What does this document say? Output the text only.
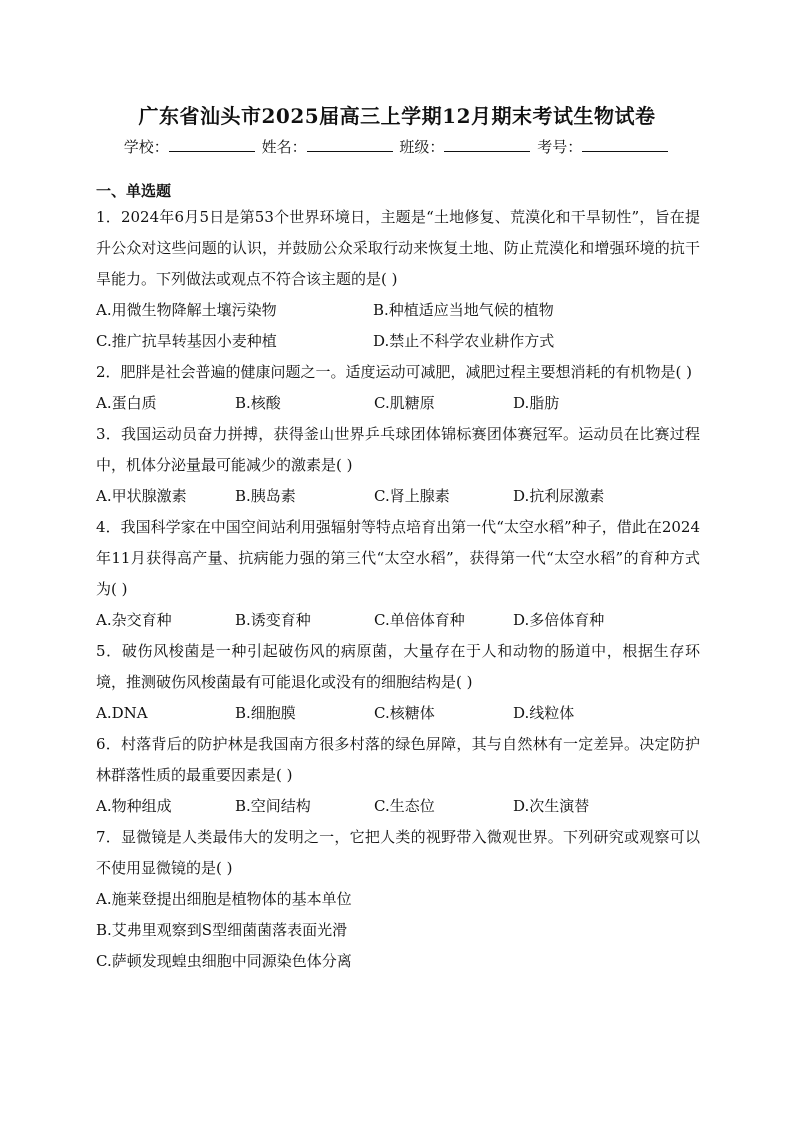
广东省汕头市2025届高三上学期12月期末考试生物试卷
学校：	姓名：	班级：	考号：
一、单选题
1．2024年6月5日是第53个世界环境日，主题是“土地修复、荒漠化和干旱韧性”，旨在提升公众对这些问题的认识，并鼓励公众采取行动来恢复土地、防止荒漠化和增强环境的抗干旱能力。下列做法或观点不符合该主题的是( )
A.用微生物降解土壤污染物	B.种植适应当地气候的植物
C.推广抗旱转基因小麦种植	D.禁止不科学农业耕作方式
2．肥胖是社会普遍的健康问题之一。适度运动可减肥，减肥过程主要想消耗的有机物是( )
A.蛋白质	B.核酸	C.肌糖原	D.脂肪
3．我国运动员奋力拼搏，获得釜山世界乒乓球团体锦标赛团体赛冠军。运动员在比赛过程中，机体分泌量最可能减少的激素是( )
A.甲状腺激素	B.胰岛素	C.肾上腺素	D.抗利尿激素
4．我国科学家在中国空间站利用强辐射等特点培育出第一代“太空水稻”种子，借此在2024年11月获得高产量、抗病能力强的第三代“太空水稻”，获得第一代“太空水稻”的育种方式为( )
A.杂交育种	B.诱变育种	C.单倍体育种	D.多倍体育种
5．破伤风梭菌是一种引起破伤风的病原菌，大量存在于人和动物的肠道中，根据生存环境，推测破伤风梭菌最有可能退化或没有的细胞结构是( )
A.DNA	B.细胞膜	C.核糖体	D.线粒体
6．村落背后的防护林是我国南方很多村落的绿色屏障，其与自然林有一定差异。决定防护林群落性质的最重要因素是( )
A.物种组成	B.空间结构	C.生态位	D.次生演替
7．显微镜是人类最伟大的发明之一，它把人类的视野带入微观世界。下列研究或观察可以不使用显微镜的是( )
A.施莱登提出细胞是植物体的基本单位
B.艾弗里观察到S型细菌菌落表面光滑
C.萨顿发现蝗虫细胞中同源染色体分离
